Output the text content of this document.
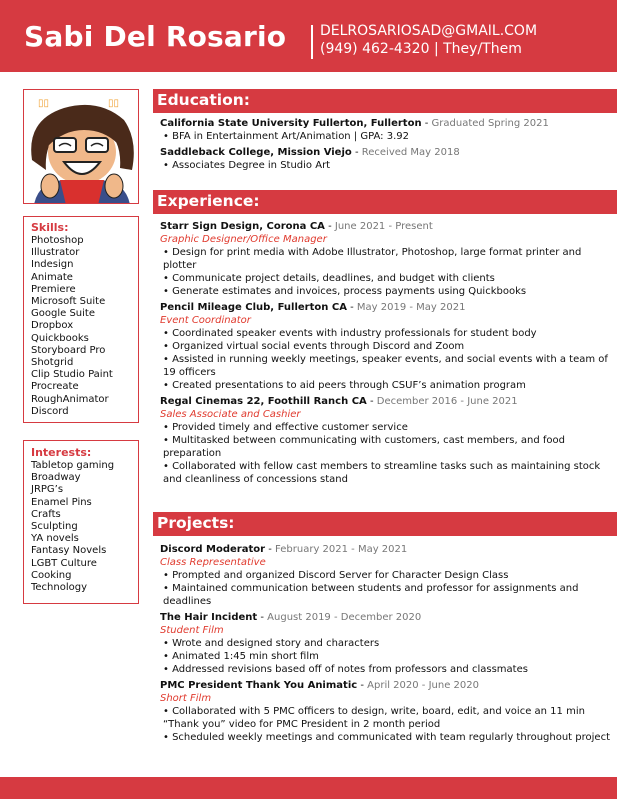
Sabi Del Rosario DELROSARIOSAD@GMAIL.COM
(949) 462-4320 | They/Them
▯▯	▯▯
Skills:
Photoshop
Illustrator
Indesign
Animate
Premiere
Microsoft Suite
Google Suite
Dropbox
Quickbooks
Storyboard Pro
Shotgrid
Clip Studio Paint
Procreate
RoughAnimator
Discord
Interests:
Tabletop gaming
Broadway
JRPG’s
Enamel Pins
Crafts
Sculpting
YA novels
Fantasy Novels
LGBT Culture
Cooking
Technology
Education:
California State University Fullerton, Fullerton - Graduated Spring 2021
• BFA in Entertainment Art/Animation | GPA: 3.92
Saddleback College, Mission Viejo - Received May 2018
• Associates Degree in Studio Art
Experience:
Starr Sign Design, Corona CA - June 2021 - Present
Graphic Designer/Office Manager
• Design for print media with Adobe Illustrator, Photoshop, large format printer and plotter
• Communicate project details, deadlines, and budget with clients
• Generate estimates and invoices, process payments using Quickbooks
Pencil Mileage Club, Fullerton CA - May 2019 - May 2021
Event Coordinator
• Coordinated speaker events with industry professionals for student body
• Organized virtual social events through Discord and Zoom
• Assisted in running weekly meetings, speaker events, and social events with a team of 19 officers
• Created presentations to aid peers through CSUF’s animation program
Regal Cinemas 22, Foothill Ranch CA - December 2016 - June 2021
Sales Associate and Cashier
• Provided timely and effective customer service
• Multitasked between communicating with customers, cast members, and food preparation
• Collaborated with fellow cast members to streamline tasks such as maintaining stock and cleanliness of concessions stand
Projects:
Discord Moderator - February 2021 - May 2021
Class Representative
• Prompted and organized Discord Server for Character Design Class
• Maintained communication between students and professor for assignments and deadlines
The Hair Incident - August 2019 - December 2020
Student Film
• Wrote and designed story and characters
• Animated 1:45 min short film
• Addressed revisions based off of notes from professors and classmates
PMC President Thank You Animatic - April 2020 - June 2020
Short Film
• Collaborated with 5 PMC officers to design, write, board, edit, and voice an 11 min “Thank you” video for PMC President in 2 month period
• Scheduled weekly meetings and communicated with team regularly throughout project
